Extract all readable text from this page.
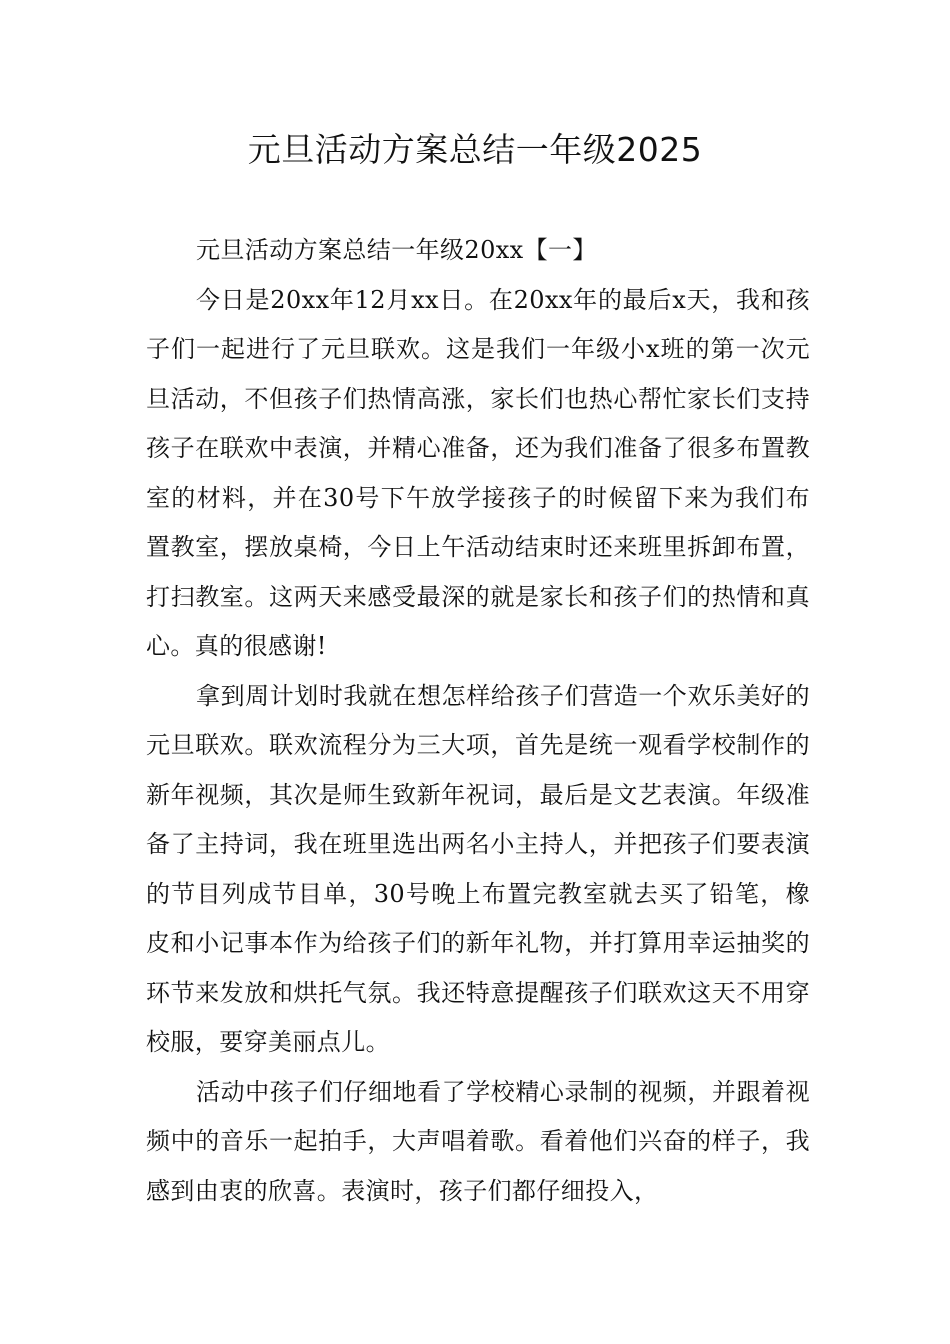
元旦活动方案总结一年级2025

元旦活动方案总结一年级20xx【一】

今日是20xx年12月xx日。在20xx年的最后x天，我和孩子们一起进行了元旦联欢。这是我们一年级小x班的第一次元旦活动，不但孩子们热情高涨，家长们也热心帮忙家长们支持孩子在联欢中表演，并精心准备，还为我们准备了很多布置教室的材料，并在30号下午放学接孩子的时候留下来为我们布置教室，摆放桌椅，今日上午活动结束时还来班里拆卸布置，打扫教室。这两天来感受最深的就是家长和孩子们的热情和真心。真的很感谢!

拿到周计划时我就在想怎样给孩子们营造一个欢乐美好的元旦联欢。联欢流程分为三大项，首先是统一观看学校制作的新年视频，其次是师生致新年祝词，最后是文艺表演。年级准备了主持词，我在班里选出两名小主持人，并把孩子们要表演的节目列成节目单，30号晚上布置完教室就去买了铅笔，橡皮和小记事本作为给孩子们的新年礼物，并打算用幸运抽奖的环节来发放和烘托气氛。我还特意提醒孩子们联欢这天不用穿校服，要穿美丽点儿。

活动中孩子们仔细地看了学校精心录制的视频，并跟着视频中的音乐一起拍手，大声唱着歌。看着他们兴奋的样子，我感到由衷的欣喜。表演时，孩子们都仔细投入，
